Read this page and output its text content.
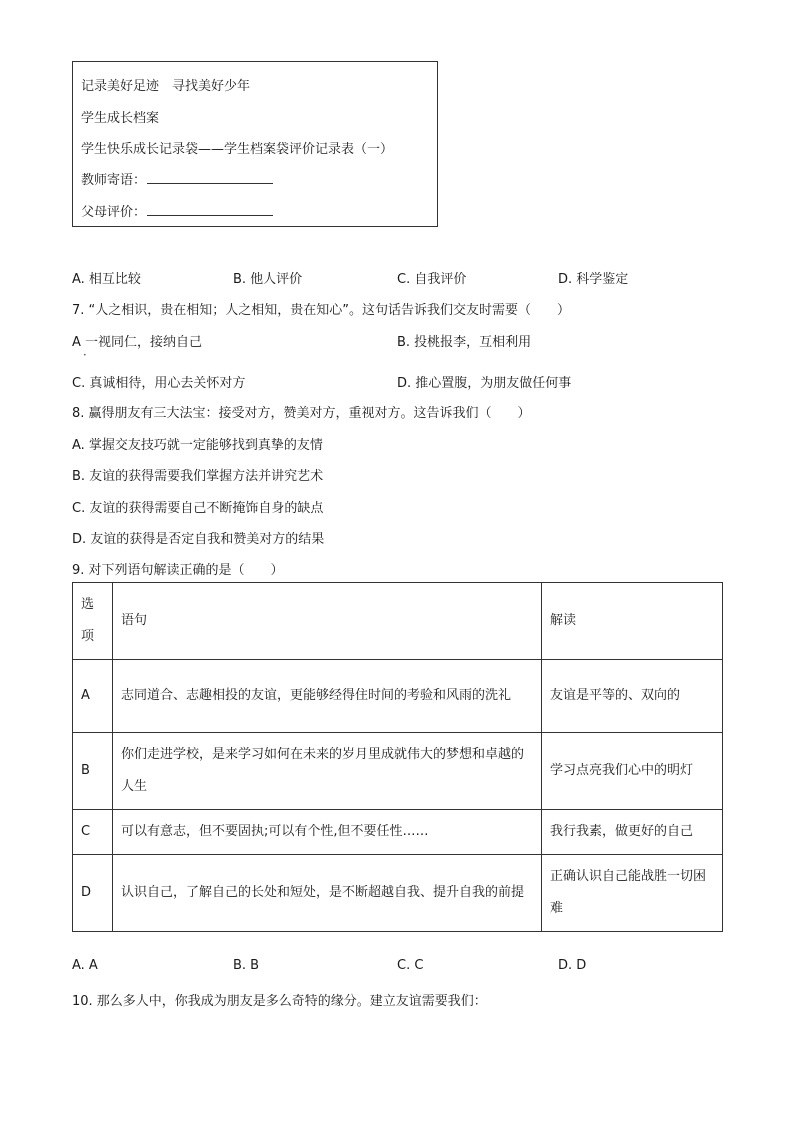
记录美好足迹　寻找美好少年
学生成长档案
学生快乐成长记录袋——学生档案袋评价记录表（一）
教师寄语：
父母评价：
A. 相互比较	B. 他人评价	C. 自我评价	D. 科学鉴定
7. “人之相识，贵在相知；人之相知，贵在知心”。这句话告诉我们交友时需要（　　）
A 一视同仁，接纳自己
•
B. 投桃报李，互相利用
C. 真诚相待，用心去关怀对方	D. 推心置腹，为朋友做任何事
8. 赢得朋友有三大法宝：接受对方，赞美对方，重视对方。这告诉我们（　　）
A. 掌握交友技巧就一定能够找到真挚的友情
B. 友谊的获得需要我们掌握方法并讲究艺术
C. 友谊的获得需要自己不断掩饰自身的缺点
D. 友谊的获得是否定自我和赞美对方的结果
9. 对下列语句解读正确的是（　　）
选项	语句	解读
A	志同道合、志趣相投的友谊，更能够经得住时间的考验和风雨的洗礼	友谊是平等的、双向的
B	你们走进学校，是来学习如何在未来的岁月里成就伟大的梦想和卓越的人生	学习点亮我们心中的明灯
C	可以有意志，但不要固执;可以有个性,但不要任性……	我行我素，做更好的自己
D	认识自己，了解自己的长处和短处，是不断超越自我、提升自我的前提	正确认识自己能战胜一切困难
A. A	B. B	C. C	D. D
10. 那么多人中，你我成为朋友是多么奇特的缘分。建立友谊需要我们：
